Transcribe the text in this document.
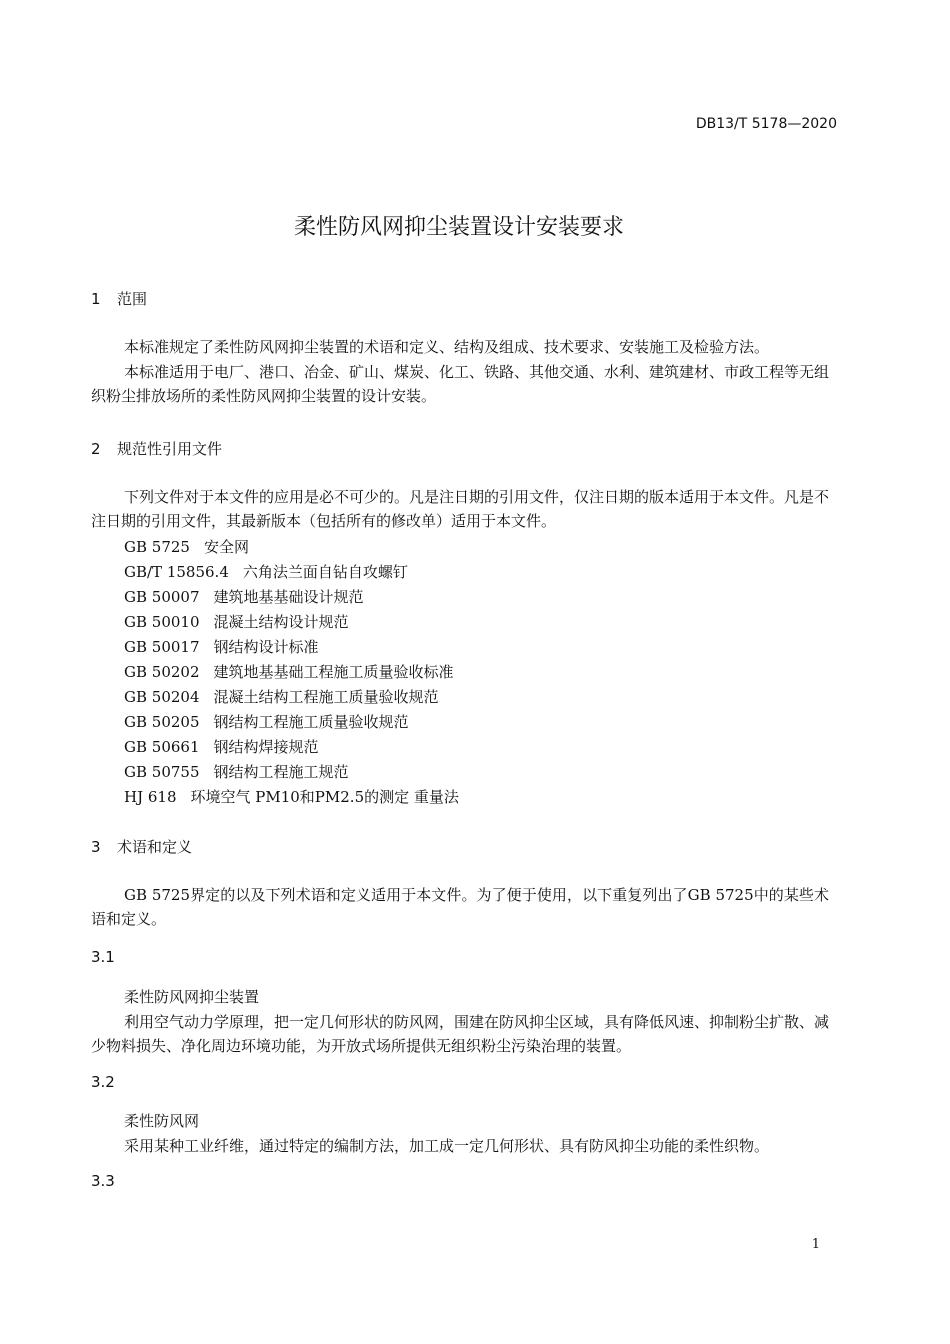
DB13/T 5178—2020
柔性防风网抑尘装置设计安装要求
1 范围

本标准规定了柔性防风网抑尘装置的术语和定义、结构及组成、技术要求、安装施工及检验方法。

本标准适用于电厂、港口、冶金、矿山、煤炭、化工、铁路、其他交通、水利、建筑建材、市政工程等无组织粉尘排放场所的柔性防风网抑尘装置的设计安装。

2 规范性引用文件

下列文件对于本文件的应用是必不可少的。凡是注日期的引用文件，仅注日期的版本适用于本文件。凡是不注日期的引用文件，其最新版本（包括所有的修改单）适用于本文件。

GB 5725 安全网
GB/T 15856.4 六角法兰面自钻自攻螺钉
GB 50007 建筑地基基础设计规范
GB 50010 混凝土结构设计规范
GB 50017 钢结构设计标准
GB 50202 建筑地基基础工程施工质量验收标准
GB 50204 混凝土结构工程施工质量验收规范
GB 50205 钢结构工程施工质量验收规范
GB 50661 钢结构焊接规范
GB 50755 钢结构工程施工规范
HJ 618 环境空气 PM10和PM2.5的测定 重量法
3 术语和定义

GB 5725界定的以及下列术语和定义适用于本文件。为了便于使用，以下重复列出了GB 5725中的某些术语和定义。

3.1
柔性防风网抑尘装置

利用空气动力学原理，把一定几何形状的防风网，围建在防风抑尘区域，具有降低风速、抑制粉尘扩散、减少物料损失、净化周边环境功能，为开放式场所提供无组织粉尘污染治理的装置。

3.2
柔性防风网

采用某种工业纤维，通过特定的编制方法，加工成一定几何形状、具有防风抑尘功能的柔性织物。

3.3
1
